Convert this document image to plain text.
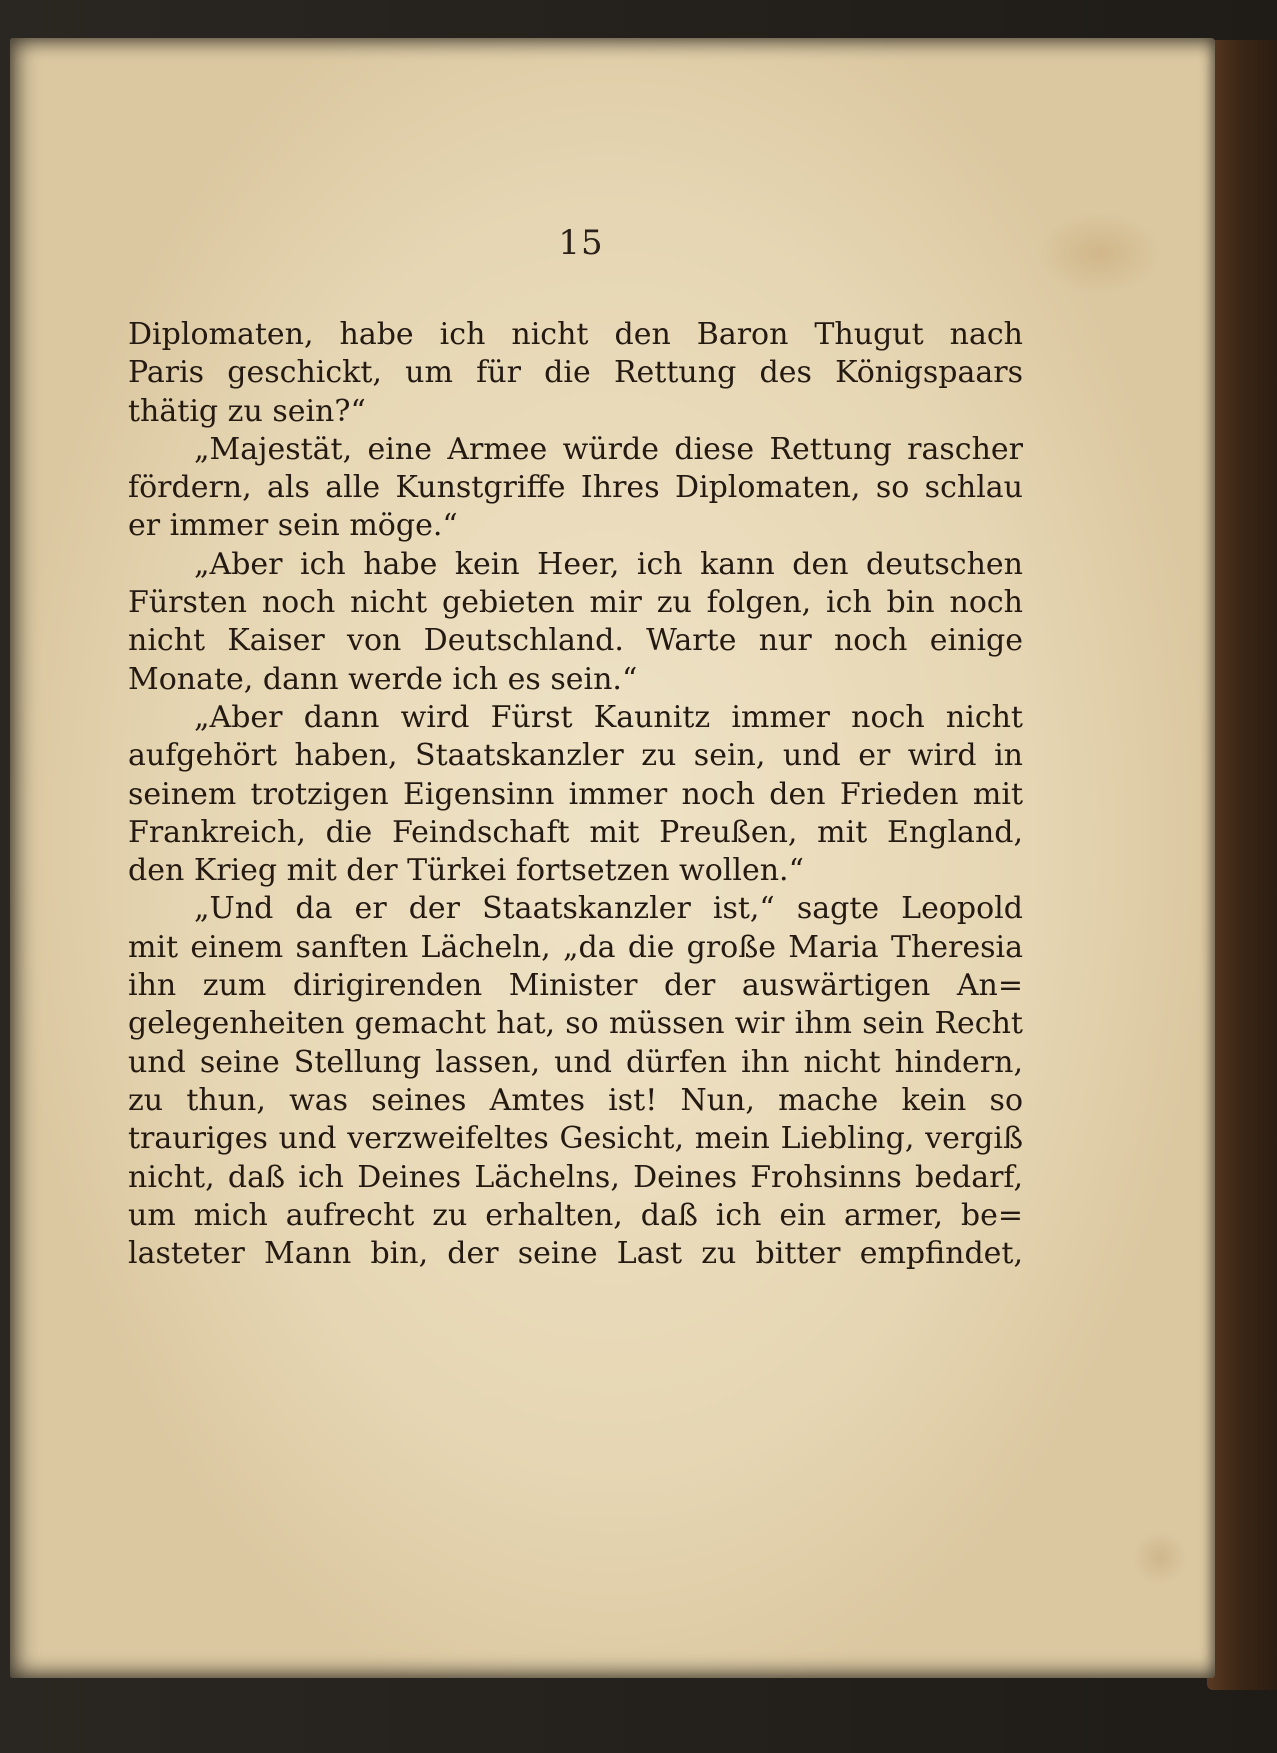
15
Diplomaten, habe ich nicht den Baron Thugut nach
Paris geschickt, um für die Rettung des Königspaars
thätig zu sein?“
„Majestät, eine Armee würde diese Rettung rascher
fördern, als alle Kunstgriffe Ihres Diplomaten, so schlau
er immer sein möge.“
„Aber ich habe kein Heer, ich kann den deutschen
Fürsten noch nicht gebieten mir zu folgen, ich bin noch
nicht Kaiser von Deutschland. Warte nur noch einige
Monate, dann werde ich es sein.“
„Aber dann wird Fürst Kaunitz immer noch nicht
aufgehört haben, Staatskanzler zu sein, und er wird in
seinem trotzigen Eigensinn immer noch den Frieden mit
Frankreich, die Feindschaft mit Preußen, mit England,
den Krieg mit der Türkei fortsetzen wollen.“
„Und da er der Staatskanzler ist,“ sagte Leopold
mit einem sanften Lächeln, „da die große Maria Theresia
ihn zum dirigirenden Minister der auswärtigen An=
gelegenheiten gemacht hat, so müssen wir ihm sein Recht
und seine Stellung lassen, und dürfen ihn nicht hindern,
zu thun, was seines Amtes ist! Nun, mache kein so
trauriges und verzweifeltes Gesicht, mein Liebling, vergiß
nicht, daß ich Deines Lächelns, Deines Frohsinns bedarf,
um mich aufrecht zu erhalten, daß ich ein armer, be=
lasteter Mann bin, der seine Last zu bitter empfindet,
